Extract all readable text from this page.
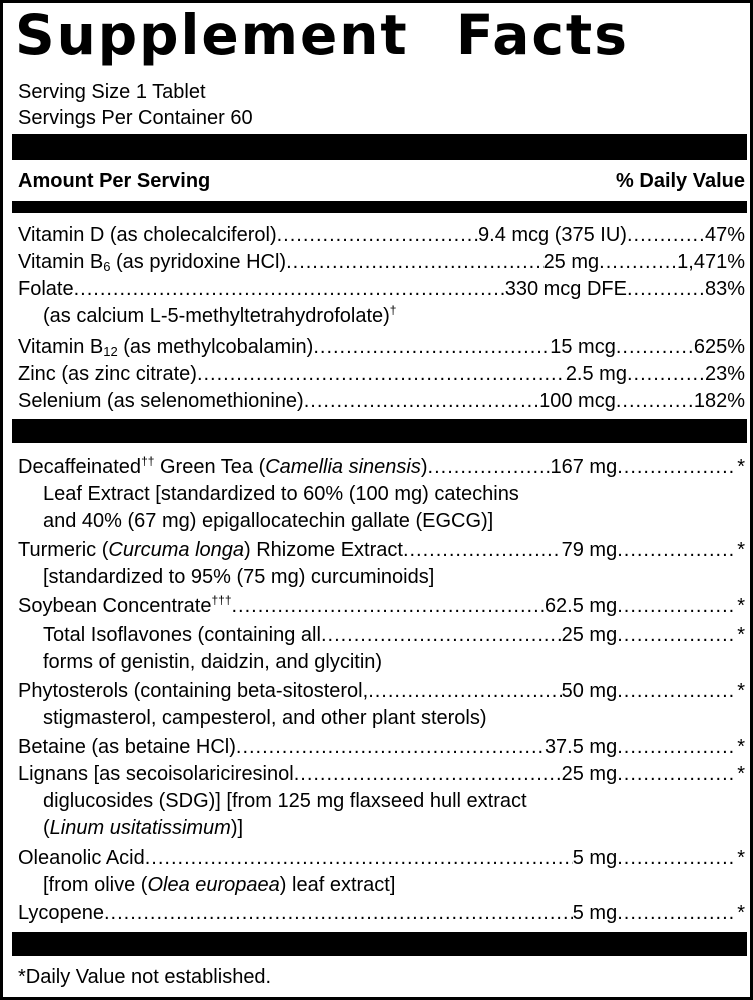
Supplement Facts
Serving Size 1 Tablet
Servings Per Container 60
Amount Per Serving	% Daily Value
Vitamin D (as cholecalciferol) .....	9.4 mcg (375 IU) .....	47%
Vitamin $B_6$ (as pyridoxine HCl) .....	25 mg .....	1,471%
Folate .....	330 mcg DFE .....	83%
(as calcium L-5-methyltetrahydrofolate)†
Vitamin $B_{12}$ (as methylcobalamin) .....	15 mcg .....	625%
Zinc (as zinc citrate) .....	2.5 mg .....	23%
Selenium (as selenomethionine) .....	100 mcg .....	182%
Decaffeinated†† Green Tea (Camellia sinensis) .....	167 mg .....	*
Leaf Extract [standardized to 60% (100 mg) catechins
and 40% (67 mg) epigallocatechin gallate (EGCG)]
Turmeric (Curcuma longa) Rhizome Extract .....	79 mg .....	*
[standardized to 95% (75 mg) curcuminoids]
Soybean Concentrate††† .....	62.5 mg .....	*
Total Isoflavones (containing all .....	25 mg .....	*
forms of genistin, daidzin, and glycitin)
Phytosterols (containing beta-sitosterol, .....	50 mg .....	*
stigmasterol, campesterol, and other plant sterols)
Betaine (as betaine HCl) .....	37.5 mg .....	*
Lignans [as secoisolariciresinol .....	25 mg .....	*
diglucosides (SDG)] [from 125 mg flaxseed hull extract
(Linum usitatissimum)]
Oleanolic Acid .....	5 mg .....	*
[from olive (Olea europaea) leaf extract]
Lycopene .....	5 mg .....	*
*Daily Value not established.
